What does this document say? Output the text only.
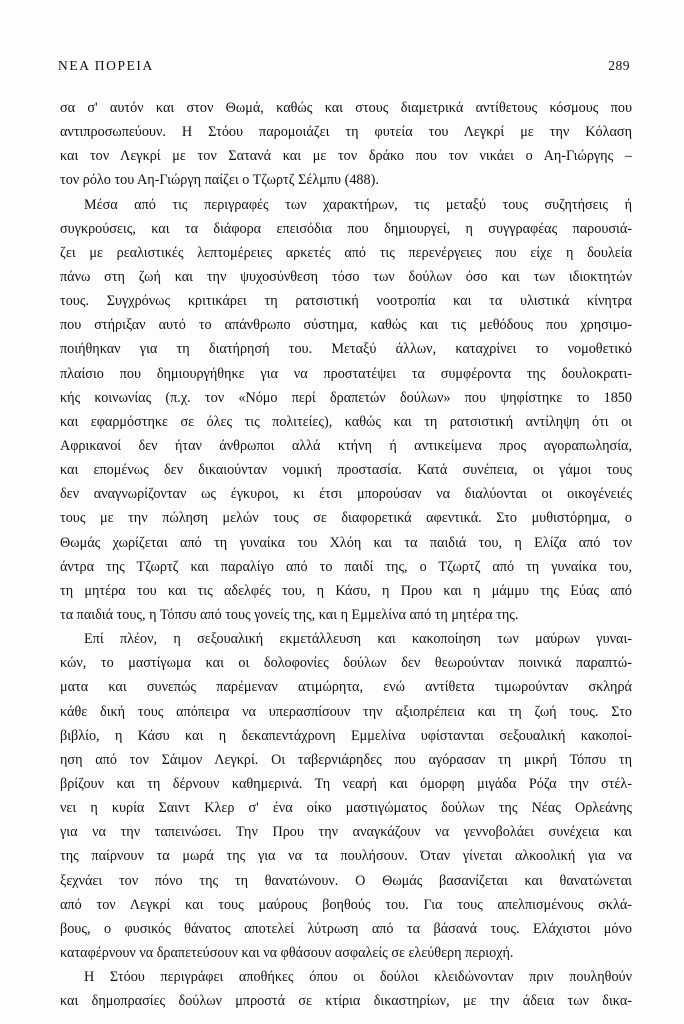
ΝΕΑ ΠΟΡΕΙΑ	289
σα σ' αυτόν και στον Θωμά, καθώς και στους διαμετρικά αντίθετους κόσμους που
αντιπροσωπεύουν. Η Στόου παρομοιάζει τη φυτεία του Λεγκρί με την Κόλαση
και τον Λεγκρί με τον Σατανά και με τον δράκο που τον νικάει ο Αη-Γιώργης –
τον ρόλο του Αη-Γιώργη παίζει ο Τζωρτζ Σέλμπυ (488).
Μέσα από τις περιγραφές των χαρακτήρων, τις μεταξύ τους συζητήσεις ή
συγκρούσεις, και τα διάφορα επεισόδια που δημιουργεί, η συγγραφέας παρουσιά-
ζει με ρεαλιστικές λεπτομέρειες αρκετές από τις περενέργειες που είχε η δουλεία
πάνω στη ζωή και την ψυχοσύνθεση τόσο των δούλων όσο και των ιδιοκτητών
τους. Συγχρόνως κριτικάρει τη ρατσιστική νοοτροπία και τα υλιστικά κίνητρα
που στήριξαν αυτό το απάνθρωπο σύστημα, καθώς και τις μεθόδους που χρησιμο-
ποιήθηκαν για τη διατήρησή του. Μεταξύ άλλων, καταχρίνει το νομοθετικό
πλαίσιο που δημιουργήθηκε για να προστατέψει τα συμφέροντα της δουλοκρατι-
κής κοινωνίας (π.χ. τον «Νόμο περί δραπετών δούλων» που ψηφίστηκε το 1850
και εφαρμόστηκε σε όλες τις πολιτείες), καθώς και τη ρατσιστική αντίληψη ότι οι
Αφρικανοί δεν ήταν άνθρωποι αλλά κτήνη ή αντικείμενα προς αγοραπωλησία,
και επομένως δεν δικαιούνταν νομική προστασία. Κατά συνέπεια, οι γάμοι τους
δεν αναγνωρίζονταν ως έγκυροι, κι έτσι μπορούσαν να διαλύονται οι οικογένειές
τους με την πώληση μελών τους σε διαφορετικά αφεντικά. Στο μυθιστόρημα, ο
Θωμάς χωρίζεται από τη γυναίκα του Χλόη και τα παιδιά του, η Ελίζα από τον
άντρα της Τζωρτζ και παραλίγο από το παιδί της, ο Τζωρτζ από τη γυναίκα του,
τη μητέρα του και τις αδελφές του, η Κάσυ, η Πρου και η μάμμυ της Εύας από
τα παιδιά τους, η Τόπσυ από τους γονείς της, και η Εμμελίνα από τη μητέρα της.
Επί πλέον, η σεξουαλική εκμετάλλευση και κακοποίηση των μαύρων γυναι-
κών, το μαστίγωμα και οι δολοφονίες δούλων δεν θεωρούνταν ποινικά παραπτώ-
ματα και συνεπώς παρέμεναν ατιμώρητα, ενώ αντίθετα τιμωρούνταν σκληρά
κάθε δική τους απόπειρα να υπερασπίσουν την αξιοπρέπεια και τη ζωή τους. Στο
βιβλίο, η Κάσυ και η δεκαπεντάχρονη Εμμελίνα υφίστανται σεξουαλική κακοποί-
ηση από τον Σάιμον Λεγκρί. Οι ταβερνιάρηδες που αγόρασαν τη μικρή Τόπσυ τη
βρίζουν και τη δέρνουν καθημερινά. Τη νεαρή και όμορφη μιγάδα Ρόζα την στέλ-
νει η κυρία Σαιντ Κλερ σ' ένα οίκο μαστιγώματος δούλων της Νέας Ορλεάνης
για να την ταπεινώσει. Την Πρου την αναγκάζουν να γεννοβολάει συνέχεια και
της παίρνουν τα μωρά της για να τα πουλήσουν. Όταν γίνεται αλκοολική για να
ξεχνάει τον πόνο της τη θανατώνουν. Ο Θωμάς βασανίζεται και θανατώνεται
από τον Λεγκρί και τους μαύρους βοηθούς του. Για τους απελπισμένους σκλά-
βους, ο φυσικός θάνατος αποτελεί λύτρωση από τα βάσανά τους. Ελάχιστοι μόνο
καταφέρνουν να δραπετεύσουν και να φθάσουν ασφαλείς σε ελεύθερη περιοχή.
Η Στόου περιγράφει αποθήκες όπου οι δούλοι κλειδώνονταν πριν πουληθούν
και δημοπρασίες δούλων μπροστά σε κτίρια δικαστηρίων, με την άδεια των δικα-
